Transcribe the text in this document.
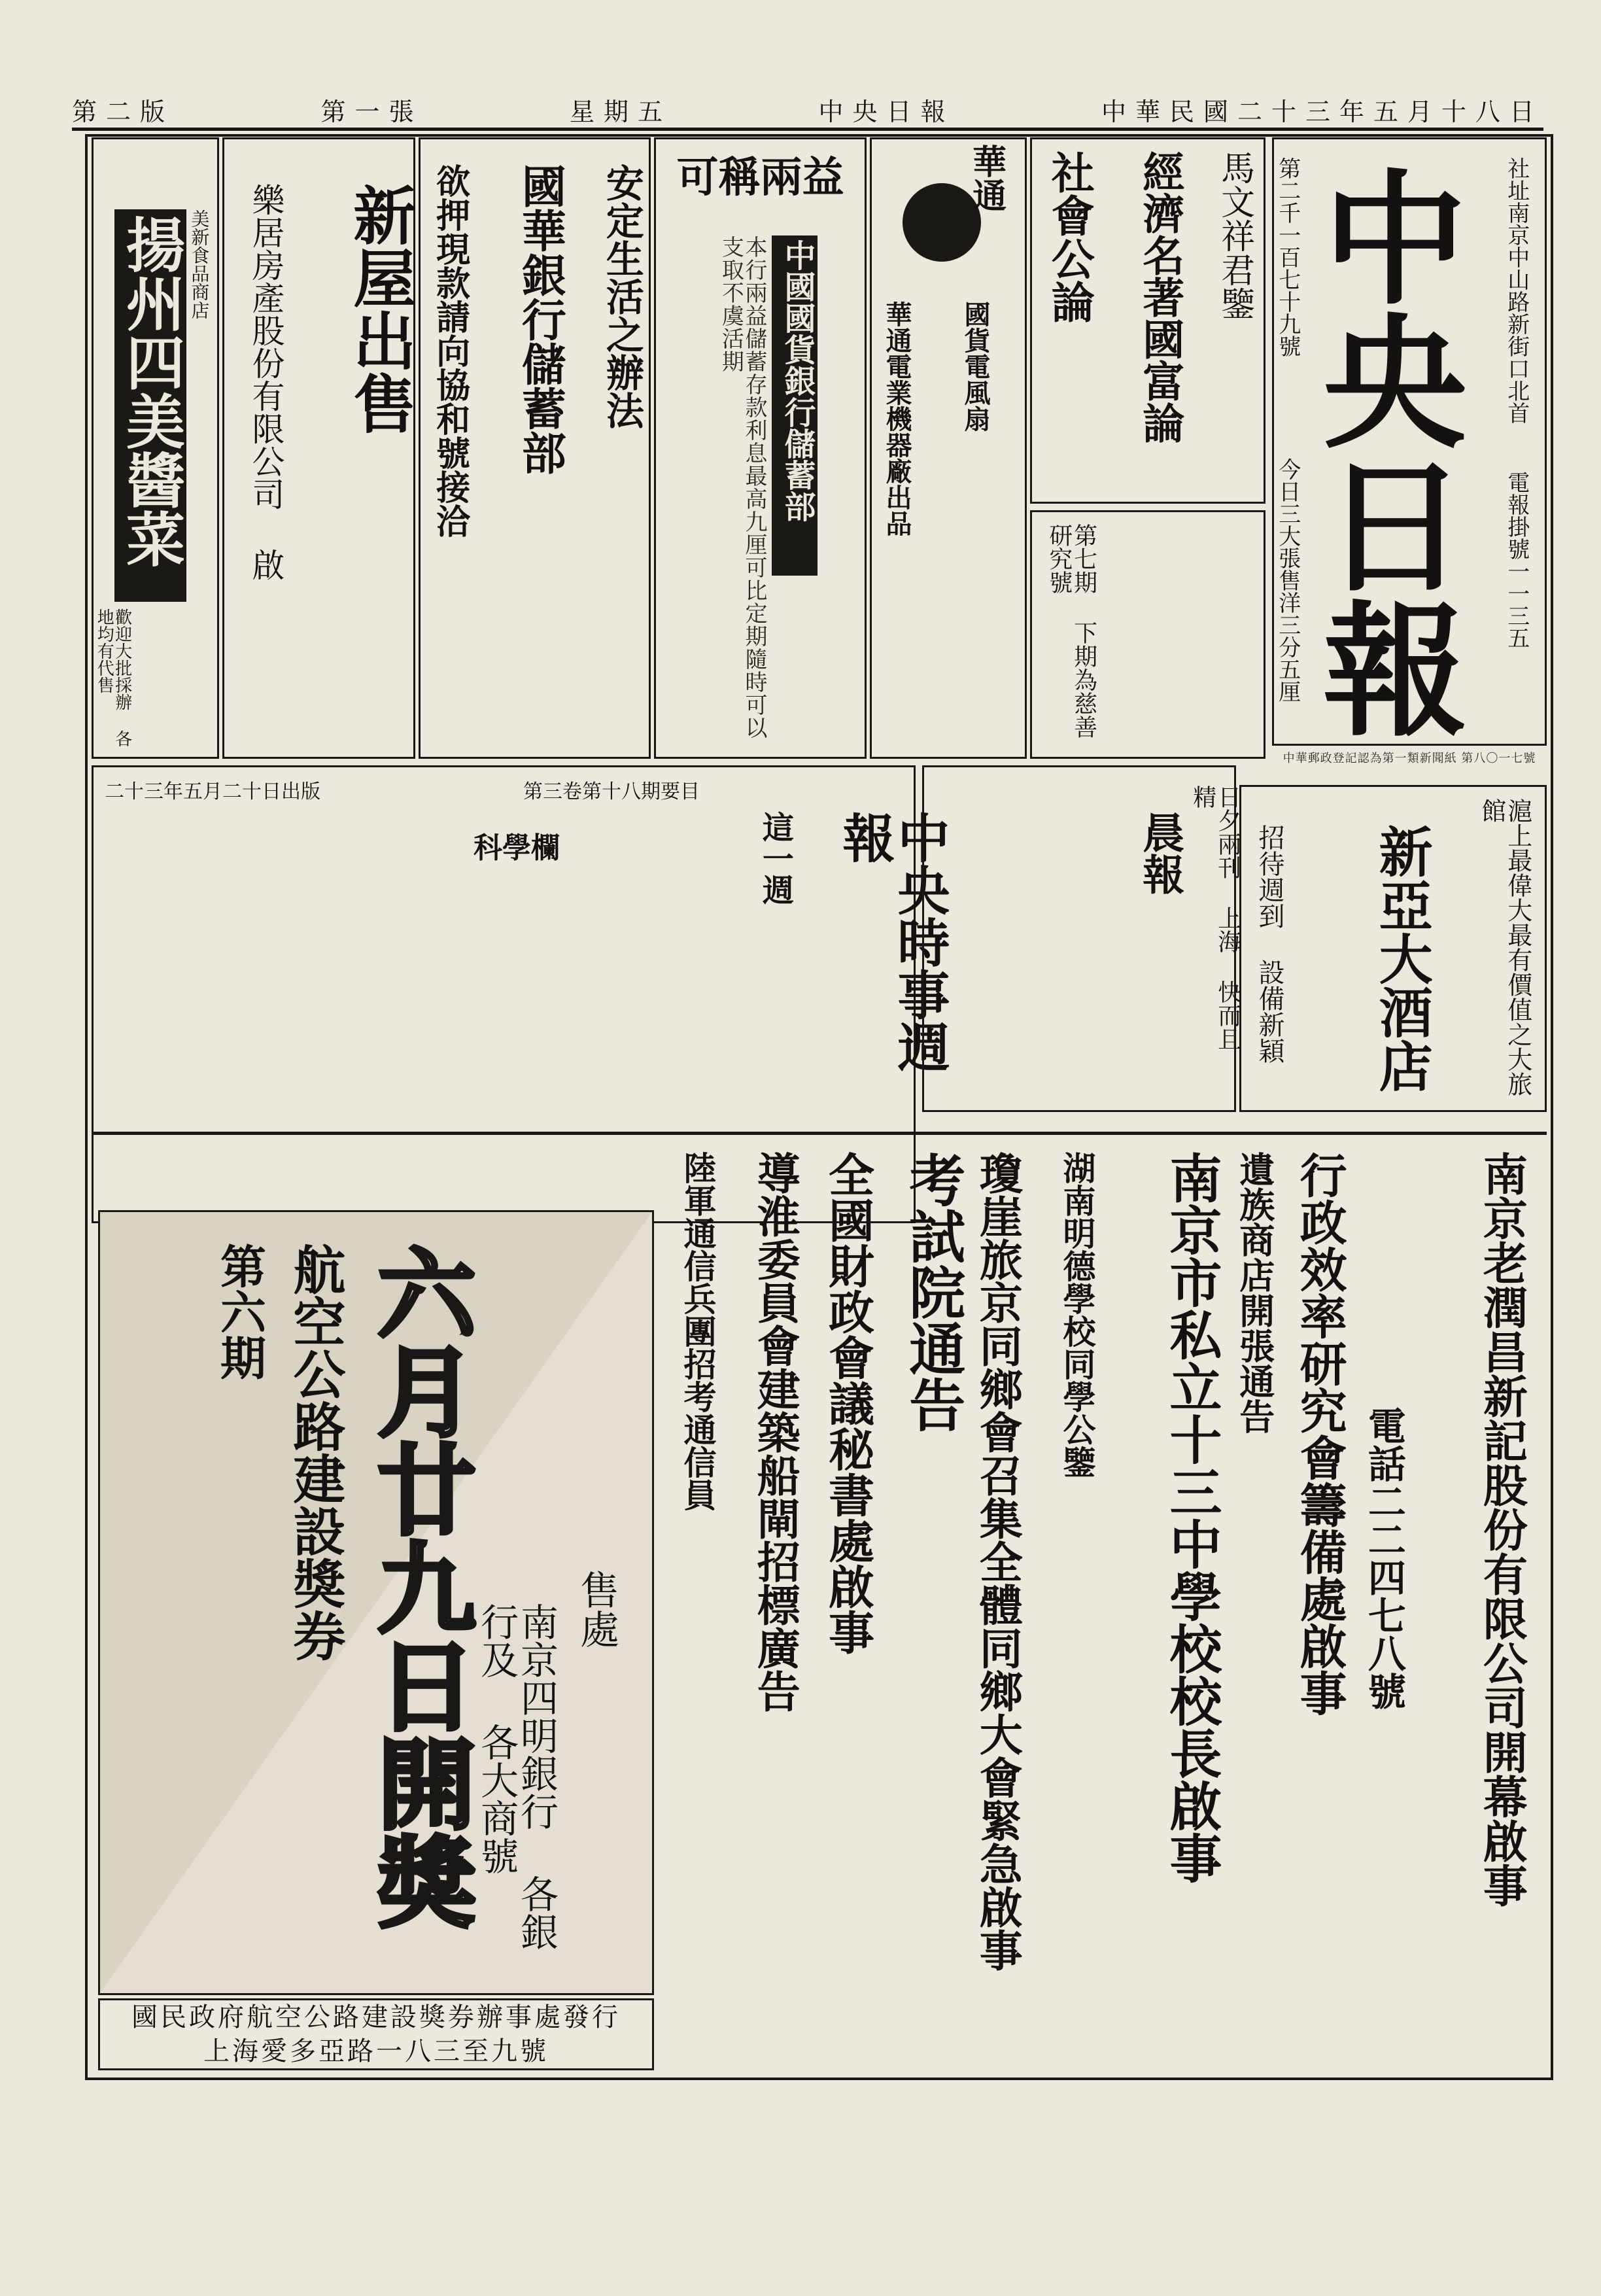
中華民國二十三年五月十八日
中央日報
星期五
第一張
第二版
社址南京中山路新街口北首
電報掛號一一三五
中央日報
第二千一百七十九號
今日三大張售洋三分五厘
中華郵政登記認為第一類新聞紙 第八〇一七號
新亞大酒店	滬上最偉大最有價值之大旅館
招待週到 設備新穎
經濟名著國富論 馬文祥君鑒
社會公論
第七期 下期為慈善研究號
華通
國貨電風扇
華通電業機器廠出品
可稱兩益
中國國貨銀行儲蓄部
本行兩益儲蓄存款利息最高九厘可比定期隨時可以支取不虞活期
安定生活之辦法
國華銀行儲蓄部
欲押現款請向協和號接洽
新屋出售
樂居房產股份有限公司 啟
揚州四美醬菜 美新食品商店
歡迎大批採辦 各地均有代售
二十三年五月二十日出版	第三卷第十八期要目
中央時事週報
這一週
科學欄	晨報	日夕兩刊 上海 快而且精
南京老潤昌新記股份有限公司開幕啟事
電話二二四七八號
行政效率研究會籌備處啟事
遺族商店開張通告
南京市私立十三中學校校長啟事
湖南明德學校同學公鑒
瓊崖旅京同鄉會召集全體同鄉大會緊急啟事
考試院通告
全國財政會議秘書處啟事
導淮委員會建築船閘招標廣告
陸軍通信兵團招考通信員
六月廿九日開獎
航空公路建設獎券
第六期
售處
南京四明銀行 各銀行及 各大商號
國民政府航空公路建設獎券辦事處發行
上海愛多亞路一八三至九號
